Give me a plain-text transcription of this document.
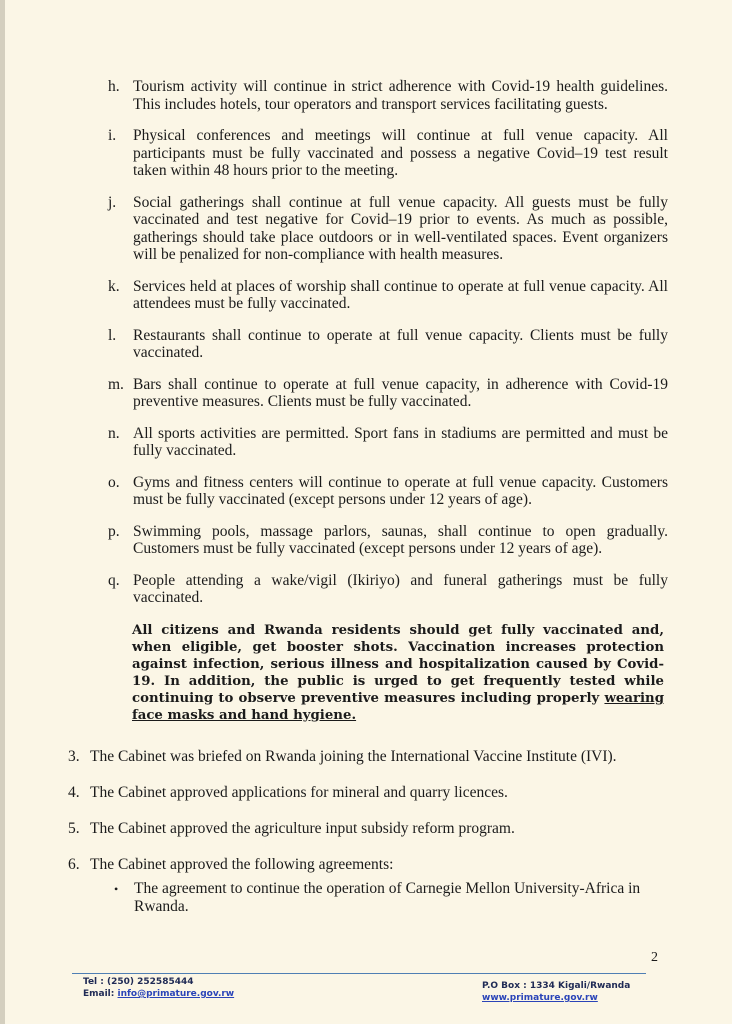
h. Tourism activity will continue in strict adherence with Covid-19 health guidelines. This includes hotels, tour operators and transport services facilitating guests.
i. Physical conferences and meetings will continue at full venue capacity. All participants must be fully vaccinated and possess a negative Covid–19 test result taken within 48 hours prior to the meeting.
j. Social gatherings shall continue at full venue capacity. All guests must be fully vaccinated and test negative for Covid–19 prior to events. As much as possible, gatherings should take place outdoors or in well-ventilated spaces. Event organizers will be penalized for non-compliance with health measures.
k. Services held at places of worship shall continue to operate at full venue capacity. All attendees must be fully vaccinated.
l. Restaurants shall continue to operate at full venue capacity. Clients must be fully vaccinated.
m. Bars shall continue to operate at full venue capacity, in adherence with Covid-19 preventive measures. Clients must be fully vaccinated.
n. All sports activities are permitted. Sport fans in stadiums are permitted and must be fully vaccinated.
o. Gyms and fitness centers will continue to operate at full venue capacity. Customers must be fully vaccinated (except persons under 12 years of age).
p. Swimming pools, massage parlors, saunas, shall continue to open gradually. Customers must be fully vaccinated (except persons under 12 years of age).
q. People attending a wake/vigil (Ikiriyo) and funeral gatherings must be fully vaccinated.
All citizens and Rwanda residents should get fully vaccinated and, when eligible, get booster shots. Vaccination increases protection against infection, serious illness and hospitalization caused by Covid-19. In addition, the public is urged to get frequently tested while continuing to observe preventive measures including properly wearing face masks and hand hygiene.
3. The Cabinet was briefed on Rwanda joining the International Vaccine Institute (IVI).
4. The Cabinet approved applications for mineral and quarry licences.
5. The Cabinet approved the agriculture input subsidy reform program.
6. The Cabinet approved the following agreements:
•	The agreement to continue the operation of Carnegie Mellon University-Africa in Rwanda.
2
Tel : (250) 252585444
Email: info@primature.gov.rw
P.O Box : 1334 Kigali/Rwanda
www.primature.gov.rw
